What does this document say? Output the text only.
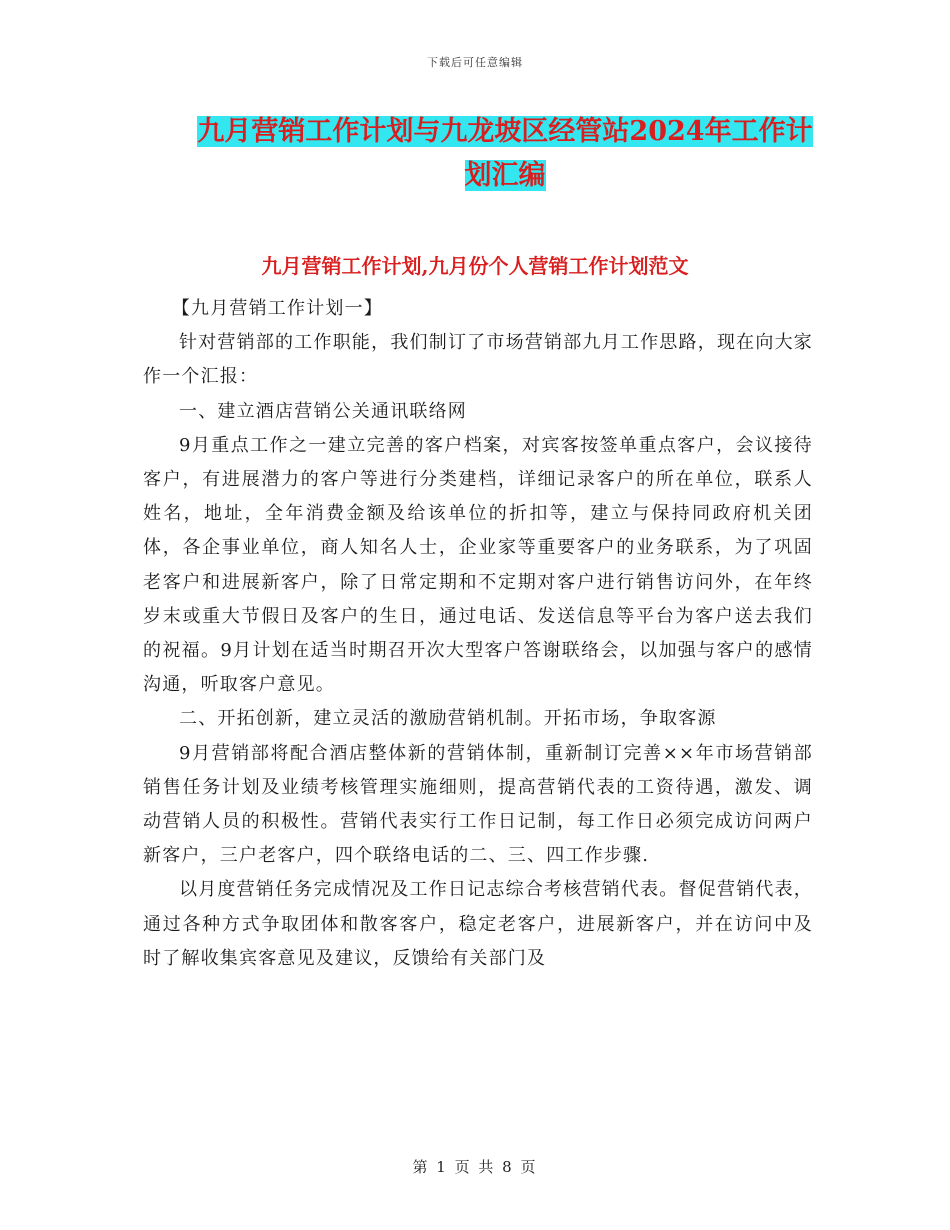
下载后可任意编辑
九月营销工作计划与九龙坡区经管站2024年工作计划汇编
九月营销工作计划,九月份个人营销工作计划范文

【九月营销工作计划一】

针对营销部的工作职能，我们制订了市场营销部九月工作思路，现在向大家作一个汇报：

一、建立酒店营销公关通讯联络网

9月重点工作之一建立完善的客户档案，对宾客按签单重点客户，会议接待客户，有进展潜力的客户等进行分类建档，详细记录客户的所在单位，联系人姓名，地址，全年消费金额及给该单位的折扣等，建立与保持同政府机关团体，各企事业单位，商人知名人士，企业家等重要客户的业务联系，为了巩固老客户和进展新客户，除了日常定期和不定期对客户进行销售访问外，在年终岁末或重大节假日及客户的生日，通过电话、发送信息等平台为客户送去我们的祝福。9月计划在适当时期召开次大型客户答谢联络会，以加强与客户的感情沟通，听取客户意见。

二、开拓创新，建立灵活的激励营销机制。开拓市场，争取客源

9月营销部将配合酒店整体新的营销体制，重新制订完善××年市场营销部销售任务计划及业绩考核管理实施细则，提高营销代表的工资待遇，激发、调动营销人员的积极性。营销代表实行工作日记制，每工作日必须完成访问两户新客户，三户老客户，四个联络电话的二、三、四工作步骤.

以月度营销任务完成情况及工作日记志综合考核营销代表。督促营销代表，通过各种方式争取团体和散客客户，稳定老客户，进展新客户，并在访问中及时了解收集宾客意见及建议，反馈给有关部门及

第 1 页 共 8 页
